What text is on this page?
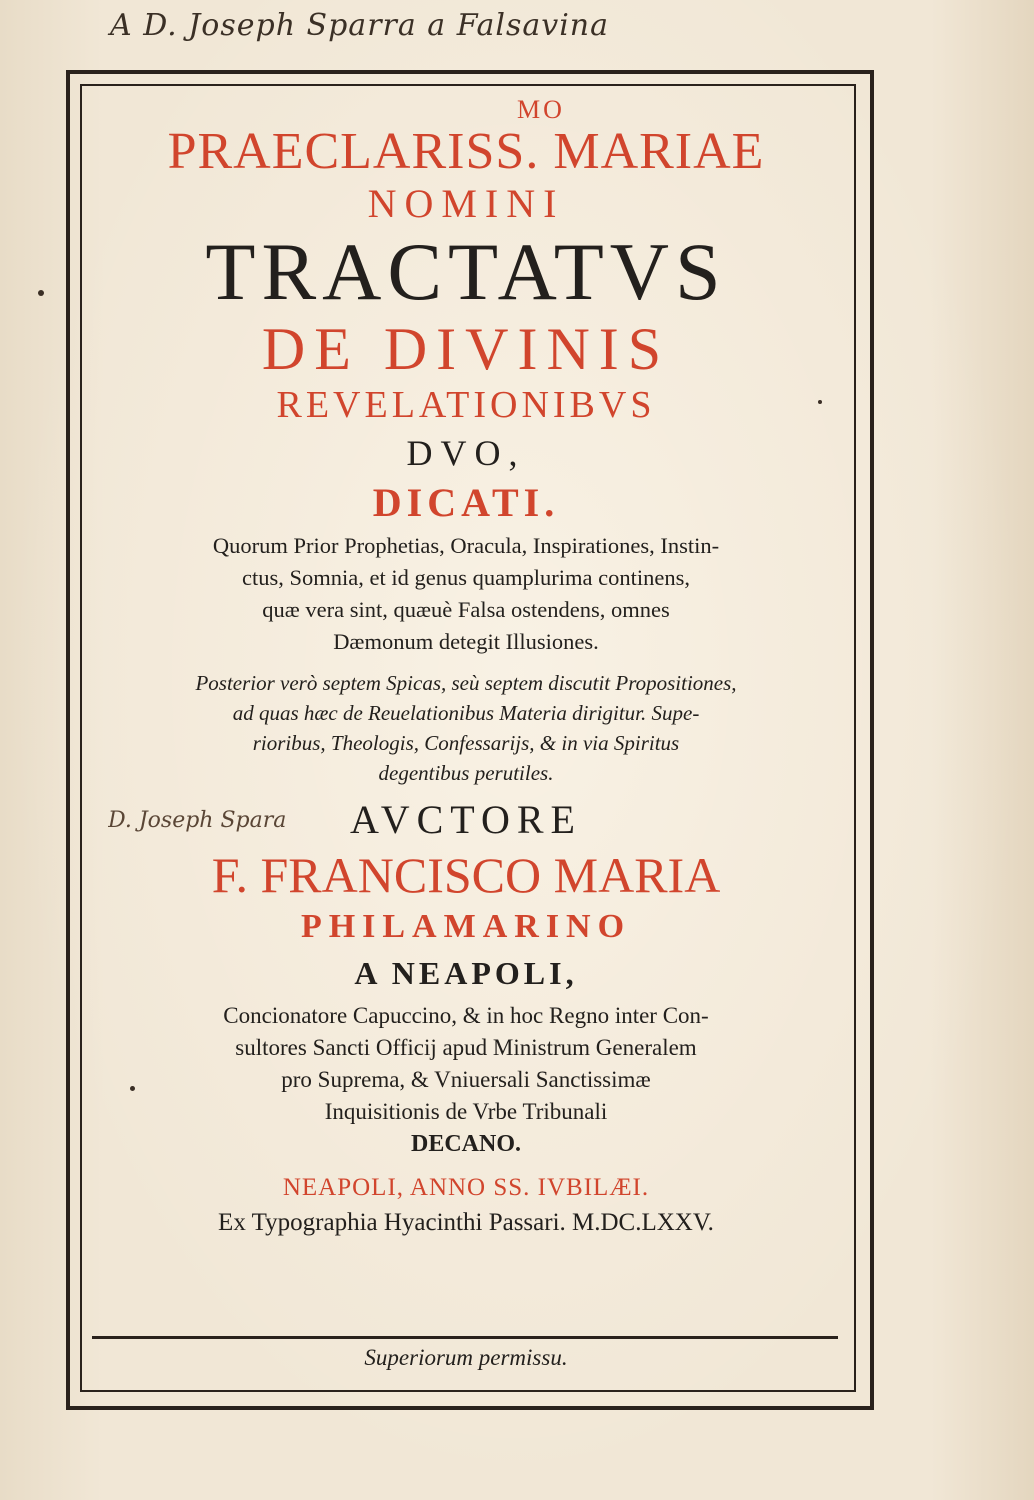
A D. Joseph Sparra a Falsavina
MO
PRAECLARISS. MARIAE
NOMINI
TRACTATVS
DE DIVINIS
REVELATIONIBVS
DVO,
DICATI.
Quorum Prior Prophetias, Oracula, Inspirationes, Instin-
ctus, Somnia, et id genus quamplurima continens,
quæ vera sint, quæuè Falsa ostendens, omnes
Dæmonum detegit Illusiones.
Posterior verò septem Spicas, seù septem discutit Propositiones,
ad quas hæc de Reuelationibus Materia dirigitur. Supe-
rioribus, Theologis, Confessarijs, & in via Spiritus
degentibus perutiles.
AVCTORE
F. FRANCISCO MARIA
PHILAMARINO
A NEAPOLI,
Concionatore Capuccino, & in hoc Regno inter Con-
sultores Sancti Officij apud Ministrum Generalem
pro Suprema, & Vniuersali Sanctissimæ
Inquisitionis de Vrbe Tribunali
DECANO.
NEAPOLI, ANNO SS. IVBILÆI.
Ex Typographia Hyacinthi Passari. M.DC.LXXV.
Superiorum permissu.
D. Joseph Spara
